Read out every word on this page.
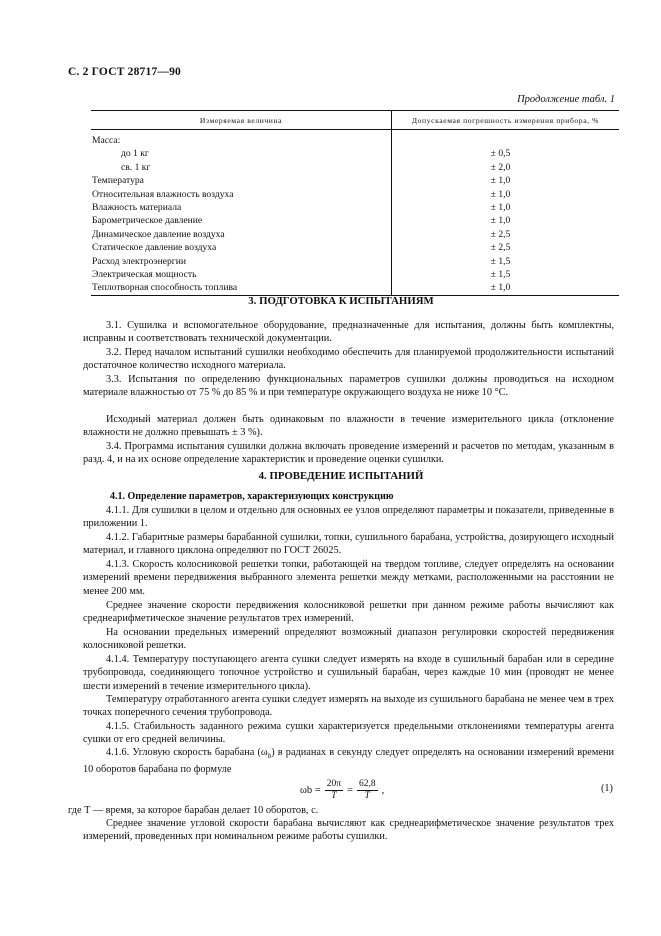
С. 2 ГОСТ 28717—90
Продолжение табл. 1
Измеряемая величина	Допускаемая погрешность измерения прибора, %
Масса:	
до 1 кг	± 0,5
св. 1 кг	± 2,0
Температура	± 1,0
Относительная влажность воздуха	± 1,0
Влажность материала	± 1,0
Барометрическое давление	± 1,0
Динамическое давление воздуха	± 2,5
Статическое давление воздуха	± 2,5
Расход электроэнергии	± 1,5
Электрическая мощность	± 1,5
Теплотворная способность топлива	± 1,0
3. ПОДГОТОВКА К ИСПЫТАНИЯМ

3.1. Сушилка и вспомогательное оборудование, предназначенные для испытания, должны быть комплектны, исправны и соответствовать технической документации.

3.2. Перед началом испытаний сушилки необходимо обеспечить для планируемой продолжительности испытаний достаточное количество исходного материала.

3.3. Испытания по определению функциональных параметров сушилки должны проводиться на исходном материале влажностью от 75 % до 85 % и при температуре окружающего воздуха не ниже 10 °С.

Исходный материал должен быть одинаковым по влажности в течение измерительного цикла (отклонение влажности не должно превышать ± 3 %).

3.4. Программа испытания сушилки должна включать проведение измерений и расчетов по методам, указанным в разд. 4, и на их основе определение характеристик и проведение оценки сушилки.

4. ПРОВЕДЕНИЕ ИСПЫТАНИЙ
4.1. Определение параметров, характеризующих конструкцию

4.1.1. Для сушилки в целом и отдельно для основных ее узлов определяют параметры и показатели, приведенные в приложении 1.

4.1.2. Габаритные размеры барабанной сушилки, топки, сушильного барабана, устройства, дозирующего исходный материал, и главного циклона определяют по ГОСТ 26025.

4.1.3. Скорость колосниковой решетки топки, работающей на твердом топливе, следует определять на основании измерений времени передвижения выбранного элемента решетки между метками, расположенными на расстоянии не менее 200 мм.

Среднее значение скорости передвижения колосниковой решетки при данном режиме работы вычисляют как среднеарифметическое значение результатов трех измерений.

На основании предельных измерений определяют возможный диапазон регулировки скоростей передвижения колосниковой решетки.

4.1.4. Температуру поступающего агента сушки следует измерять на входе в сушильный барабан или в середине трубопровода, соединяющего топочное устройство и сушильный барабан, через каждые 10 мин (проводят не менее шести измерений в течение измерительного цикла).

Температуру отработанного агента сушки следует измерять на выходе из сушильного барабана не менее чем в трех точках поперечного сечения трубопровода.

4.1.5. Стабильность заданного режима сушки характеризуется предельными отклонениями температуры агента сушки от его средней величины.

4.1.6. Угловую скорость барабана $(\omega_b)$ в радианах в секунду следует определять на основании измерений времени 10 оборотов барабана по формуле

$\omega b = \frac{20\pi}{T} = \frac{62,8}{T}$ ,	(1)

где T — время, за которое барабан делает 10 оборотов, с.

Среднее значение угловой скорости барабана вычисляют как среднеарифметическое значение результатов трех измерений, проведенных при номинальном режиме работы сушилки.
